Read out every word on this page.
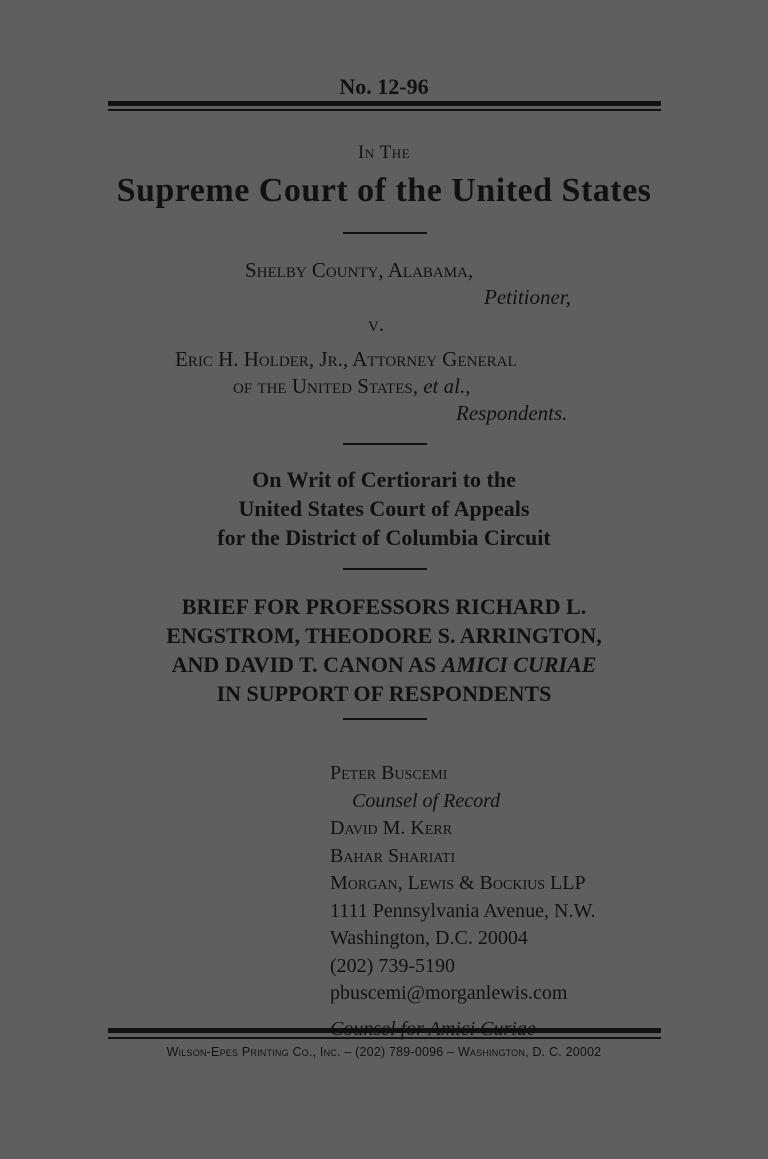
No. 12-96
In The
Supreme Court of the United States
Shelby County, Alabama,
Petitioner,
v.
Eric H. Holder, Jr., Attorney General
of the United States, et al.,
Respondents.
On Writ of Certiorari to the
United States Court of Appeals
for the District of Columbia Circuit
BRIEF FOR PROFESSORS RICHARD L.
ENGSTROM, THEODORE S. ARRINGTON,
AND DAVID T. CANON AS AMICI CURIAE
IN SUPPORT OF RESPONDENTS
Peter Buscemi
Counsel of Record
David M. Kerr
Bahar Shariati
Morgan, Lewis & Bockius LLP
1111 Pennsylvania Avenue, N.W.
Washington, D.C. 20004
(202) 739-5190
pbuscemi@morganlewis.com
Wilson-Epes Printing Co., Inc. – (202) 789-0096 – Washington, D. C. 20002
